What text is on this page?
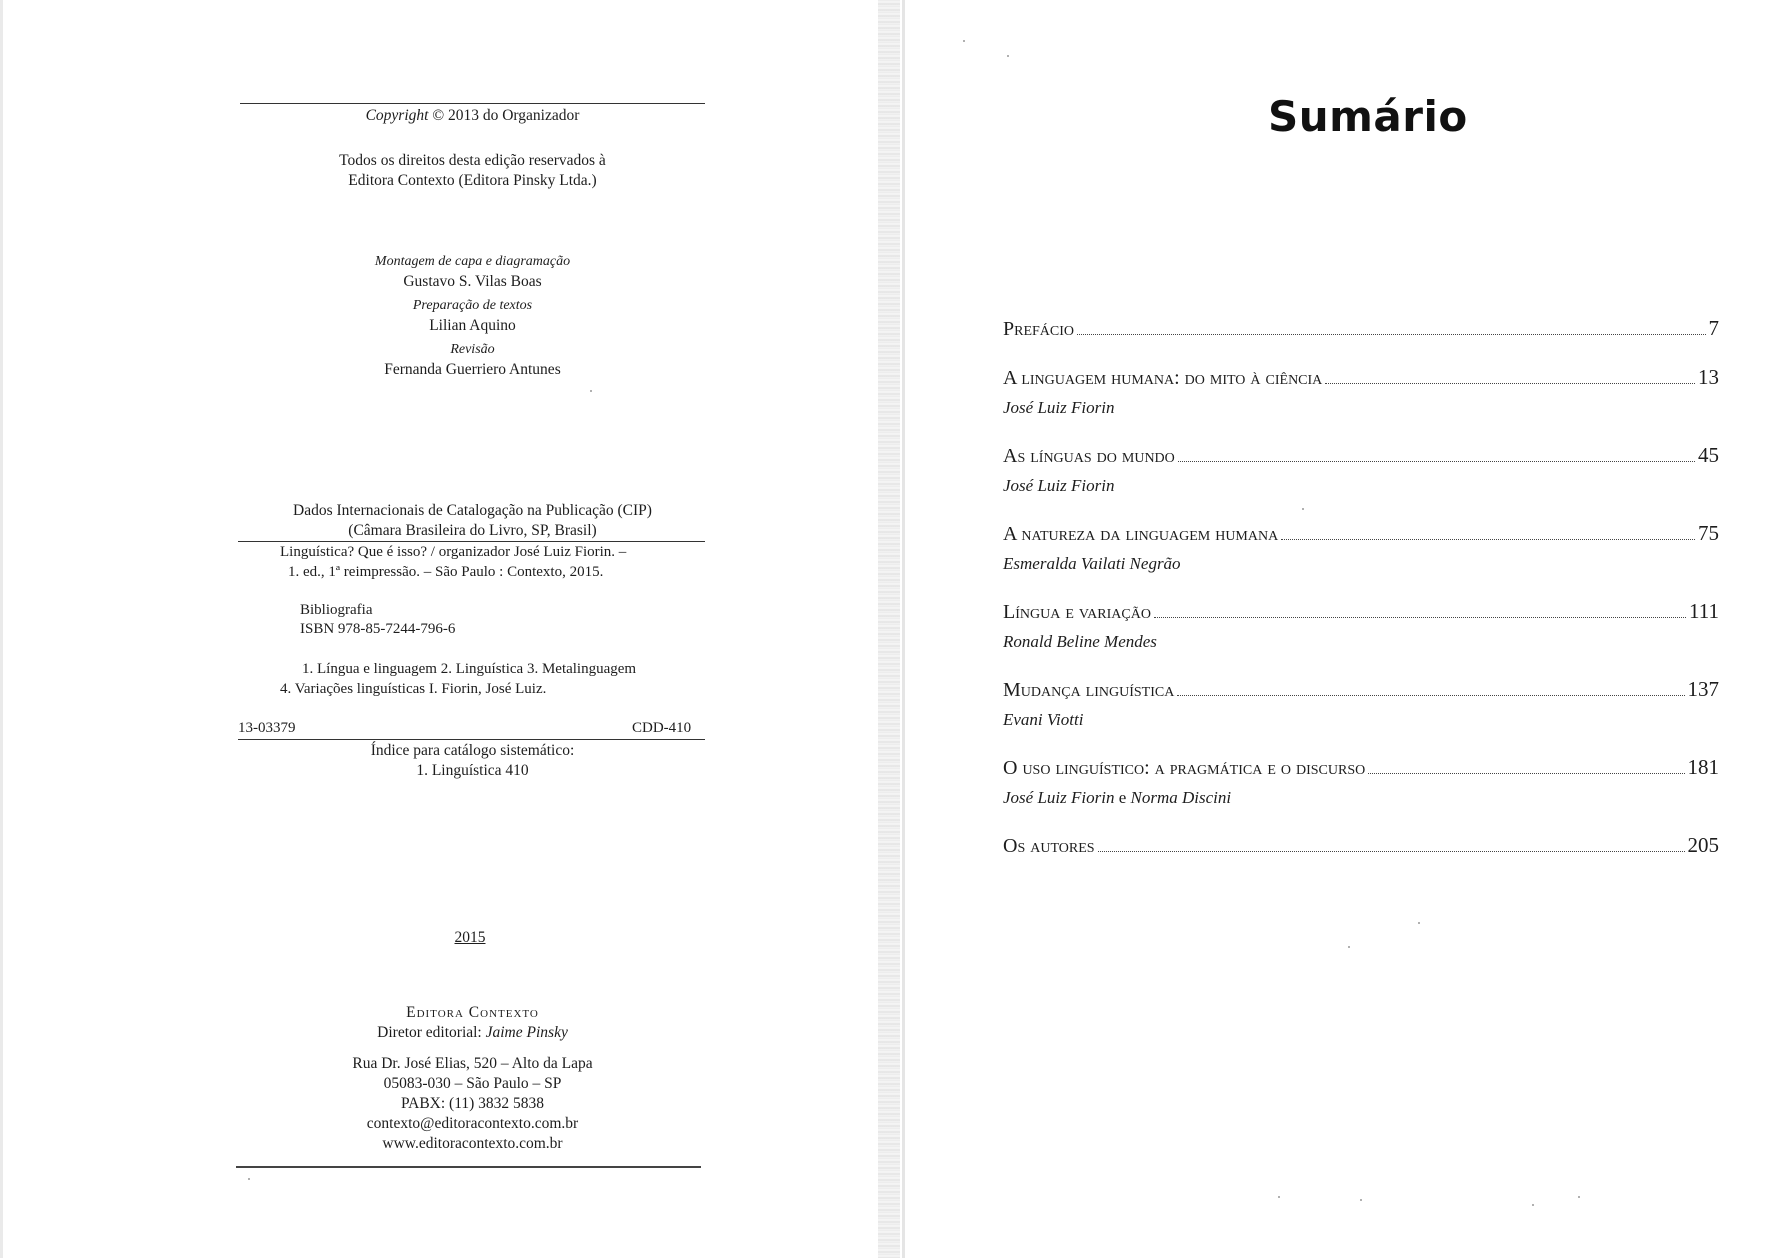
Copyright © 2013 do Organizador
Todos os direitos desta edição reservados à
Editora Contexto (Editora Pinsky Ltda.)
Montagem de capa e diagramação
Gustavo S. Vilas Boas
Preparação de textos
Lilian Aquino
Revisão
Fernanda Guerriero Antunes
Dados Internacionais de Catalogação na Publicação (CIP)
(Câmara Brasileira do Livro, SP, Brasil)
Linguística? Que é isso? / organizador José Luiz Fiorin. –
1. ed., 1ª reimpressão. – São Paulo : Contexto, 2015.
Bibliografia
ISBN 978-85-7244-796-6
1. Língua e linguagem 2. Linguística 3. Metalinguagem
4. Variações linguísticas I. Fiorin, José Luiz.
13-03379	CDD-410
Índice para catálogo sistemático:
1. Linguística 410
2015
Editora Contexto
Diretor editorial: Jaime Pinsky
Rua Dr. José Elias, 520 – Alto da Lapa
05083-030 – São Paulo – SP
PABX: (11) 3832 5838
contexto@editoracontexto.com.br
www.editoracontexto.com.br
Sumário
Prefácio	7
A linguagem humana: do mito à ciência	13
José Luiz Fiorin
As línguas do mundo	45
José Luiz Fiorin
A natureza da linguagem humana	75
Esmeralda Vailati Negrão
Língua e variação	111
Ronald Beline Mendes
Mudança linguística	137
Evani Viotti
O uso linguístico: a pragmática e o discurso	181
José Luiz Fiorin e Norma Discini
Os autores	205
